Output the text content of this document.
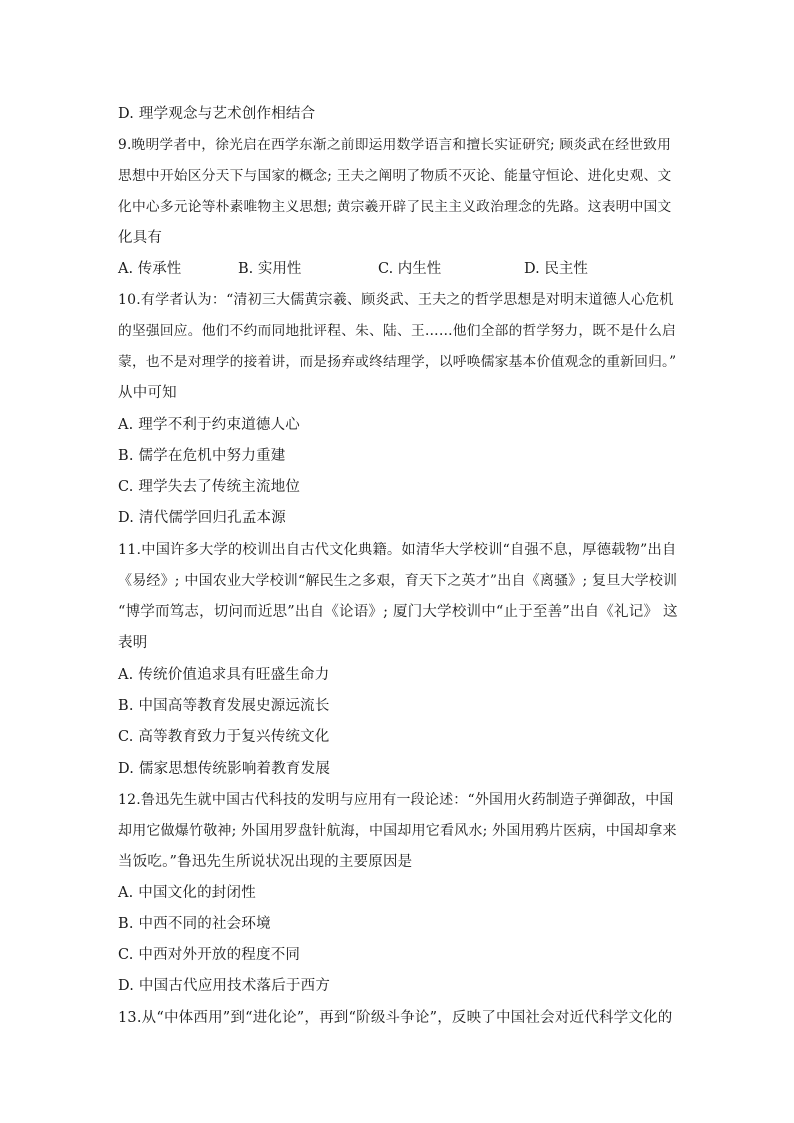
D. 理学观念与艺术创作相结合
9.晚明学者中，徐光启在西学东渐之前即运用数学语言和擅长实证研究; 顾炎武在经世致用
思想中开始区分天下与国家的概念; 王夫之阐明了物质不灭论、能量守恒论、进化史观、文
化中心多元论等朴素唯物主义思想; 黄宗羲开辟了民主主义政治理念的先路。这表明中国文
化具有
A. 传承性	B. 实用性	C. 内生性	D. 民主性
10.有学者认为：“清初三大儒黄宗羲、顾炎武、王夫之的哲学思想是对明末道德人心危机
的坚强回应。他们不约而同地批评程、朱、陆、王……他们全部的哲学努力，既不是什么启
蒙，也不是对理学的接着讲，而是扬弃或终结理学，以呼唤儒家基本价值观念的重新回归。”
从中可知
A. 理学不利于约束道德人心
B. 儒学在危机中努力重建
C. 理学失去了传统主流地位
D. 清代儒学回归孔孟本源
11.中国许多大学的校训出自古代文化典籍。如清华大学校训“自强不息，厚德载物”出自
《易经》; 中国农业大学校训“解民生之多艰，育天下之英才”出自《离骚》; 复旦大学校训
“博学而笃志，切问而近思”出自《论语》; 厦门大学校训中“止于至善”出自《礼记》 这
表明
A. 传统价值追求具有旺盛生命力
B. 中国高等教育发展史源远流长
C. 高等教育致力于复兴传统文化
D. 儒家思想传统影响着教育发展
12.鲁迅先生就中国古代科技的发明与应用有一段论述：“外国用火药制造子弹御敌，中国
却用它做爆竹敬神; 外国用罗盘针航海，中国却用它看风水; 外国用鸦片医病，中国却拿来
当饭吃。”鲁迅先生所说状况出现的主要原因是
B. 中西不同的社会环境
A. 中国文化的封闭性
C. 中西对外开放的程度不同
D. 中国古代应用技术落后于西方
13.从“中体西用”到“进化论”，再到“阶级斗争论”，反映了中国社会对近代科学文化的
